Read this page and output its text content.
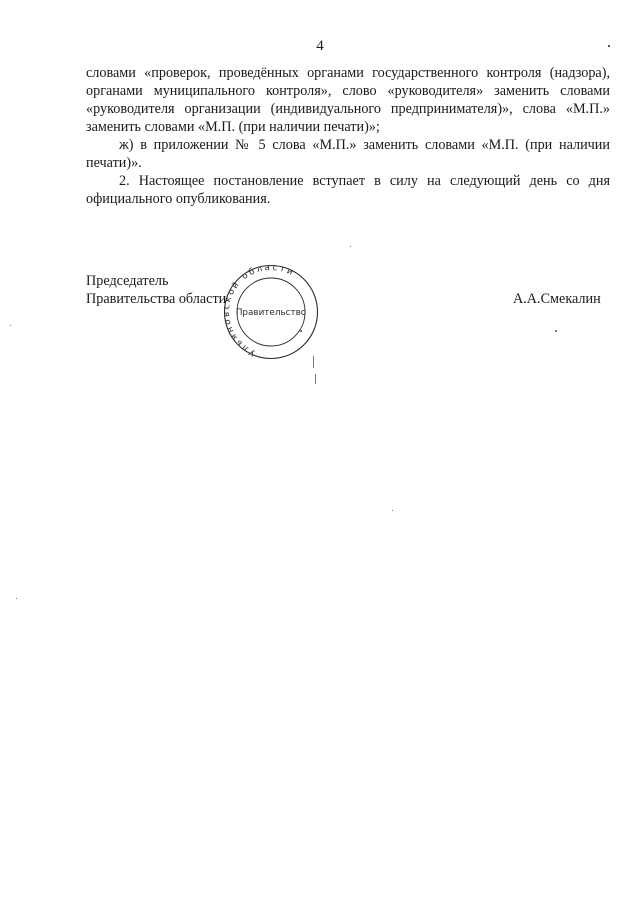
4

словами «проверок, проведённых органами государственного контроля (надзора), органами муниципального контроля», слово «руководителя» заменить словами «руководителя организации (индивидуального предпринимателя)», слова «М.П.» заменить словами «М.П. (при наличии печати)»;

ж) в приложении № 5 слова «М.П.» заменить словами «М.П. (при наличии печати)».

2. Настоящее постановление вступает в силу на следующий день со дня официального опубликования.

Председатель
Правительства области
Ульяновской области
Правительство
А.А.Смекалин
